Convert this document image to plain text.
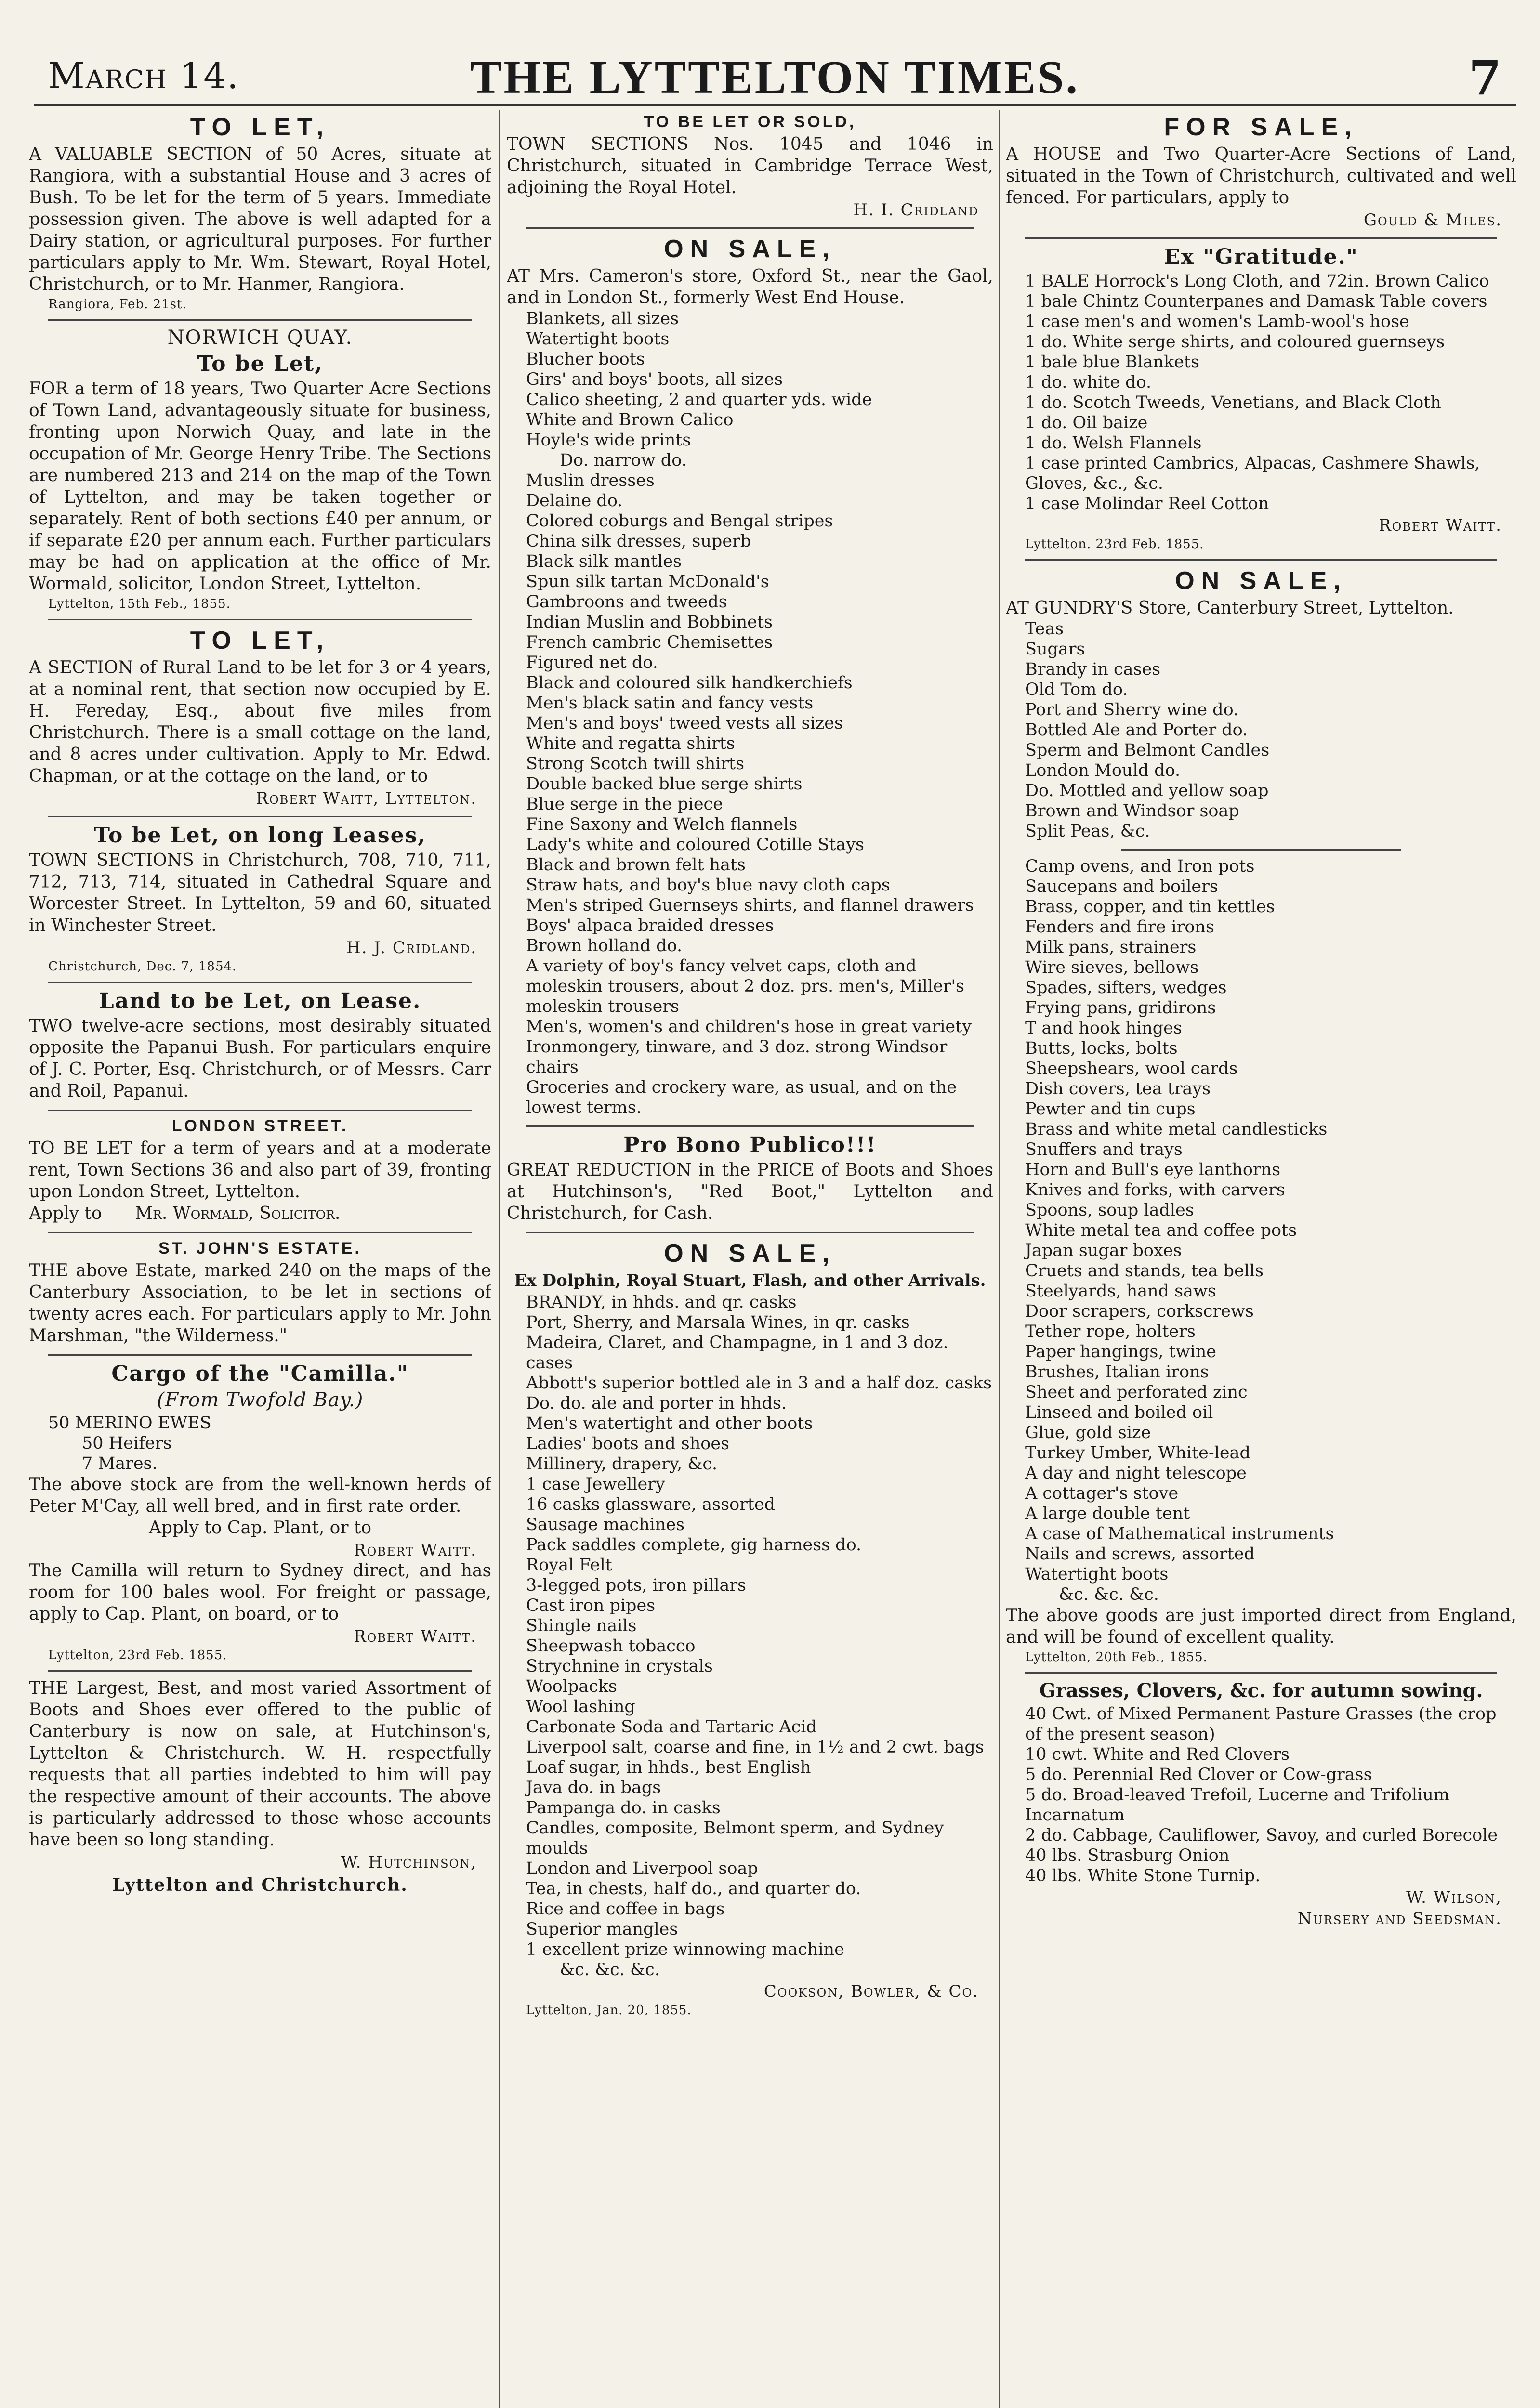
March 14.	THE LYTTELTON TIMES.	7
TO LET,

A VALUABLE SECTION of 50 Acres, situate at Rangiora, with a substantial House and 3 acres of Bush. To be let for the term of 5 years. Immediate possession given. The above is well adapted for a Dairy station, or agricultural purposes. For further particulars apply to Mr. Wm. Stewart, Royal Hotel, Christchurch, or to Mr. Hanmer, Rangiora.

Rangiora, Feb. 21st.
NORWICH QUAY.
To be Let,

FOR a term of 18 years, Two Quarter Acre Sections of Town Land, advantageously situate for business, fronting upon Norwich Quay, and late in the occupation of Mr. George Henry Tribe. The Sections are numbered 213 and 214 on the map of the Town of Lyttelton, and may be taken together or separately. Rent of both sections £40 per annum, or if separate £20 per annum each. Further particulars may be had on application at the office of Mr. Wormald, solicitor, London Street, Lyttelton.

Lyttelton, 15th Feb., 1855.
TO LET,

A SECTION of Rural Land to be let for 3 or 4 years, at a nominal rent, that section now occupied by E. H. Fereday, Esq., about five miles from Christchurch. There is a small cottage on the land, and 8 acres under cultivation. Apply to Mr. Edwd. Chapman, or at the cottage on the land, or to

Robert Waitt, Lyttelton.
To be Let, on long Leases,

TOWN SECTIONS in Christchurch, 708, 710, 711, 712, 713, 714, situated in Cathedral Square and Worcester Street. In Lyttelton, 59 and 60, situated in Winchester Street.

H. J. Cridland.
Christchurch, Dec. 7, 1854.
Land to be Let, on Lease.

TWO twelve-acre sections, most desirably situated opposite the Papanui Bush. For particulars enquire of J. C. Porter, Esq. Christchurch, or of Messrs. Carr and Roil, Papanui.

LONDON STREET.

TO BE LET for a term of years and at a moderate rent, Town Sections 36 and also part of 39, fronting upon London Street, Lyttelton.

Apply to Mr. Wormald, Solicitor.

ST. JOHN'S ESTATE.

THE above Estate, marked 240 on the maps of the Canterbury Association, to be let in sections of twenty acres each. For particulars apply to Mr. John Marshman, "the Wilderness."

Cargo of the "Camilla."
(From Twofold Bay.)
50 MERINO EWES
50 Heifers
7 Mares.

The above stock are from the well-known herds of Peter M'Cay, all well bred, and in first rate order.

Apply to Cap. Plant, or to

Robert Waitt.

The Camilla will return to Sydney direct, and has room for 100 bales wool. For freight or passage, apply to Cap. Plant, on board, or to

Robert Waitt.
Lyttelton, 23rd Feb. 1855.

THE Largest, Best, and most varied Assortment of Boots and Shoes ever offered to the public of Canterbury is now on sale, at Hutchinson's, Lyttelton & Christchurch. W. H. respectfully requests that all parties indebted to him will pay the respective amount of their accounts. The above is particularly addressed to those whose accounts have been so long standing.

W. Hutchinson,
Lyttelton and Christchurch.
TO BE LET OR SOLD,

TOWN SECTIONS Nos. 1045 and 1046 in Christchurch, situated in Cambridge Terrace West, adjoining the Royal Hotel.

H. I. Cridland
ON SALE,

AT Mrs. Cameron's store, Oxford St., near the Gaol, and in London St., formerly West End House.

Blankets, all sizes
Watertight boots
Blucher boots
Girs' and boys' boots, all sizes
Calico sheeting, 2 and quarter yds. wide
White and Brown Calico
Hoyle's wide prints
Do. narrow do.
Muslin dresses
Delaine do.
Colored coburgs and Bengal stripes
China silk dresses, superb
Black silk mantles
Spun silk tartan McDonald's
Gambroons and tweeds
Indian Muslin and Bobbinets
French cambric Chemisettes
Figured net do.
Black and coloured silk handkerchiefs
Men's black satin and fancy vests
Men's and boys' tweed vests all sizes
White and regatta shirts
Strong Scotch twill shirts
Double backed blue serge shirts
Blue serge in the piece
Fine Saxony and Welch flannels
Lady's white and coloured Cotille Stays
Black and brown felt hats
Straw hats, and boy's blue navy cloth caps
Men's striped Guernseys shirts, and flannel drawers
Boys' alpaca braided dresses
Brown holland do.
A variety of boy's fancy velvet caps, cloth and moleskin trousers, about 2 doz. prs. men's, Miller's moleskin trousers
Men's, women's and children's hose in great variety
Ironmongery, tinware, and 3 doz. strong Windsor chairs
Groceries and crockery ware, as usual, and on the lowest terms.
Pro Bono Publico!!!

GREAT REDUCTION in the PRICE of Boots and Shoes at Hutchinson's, "Red Boot," Lyttelton and Christchurch, for Cash.

ON SALE,
Ex Dolphin, Royal Stuart, Flash, and other Arrivals.
BRANDY, in hhds. and qr. casks
Port, Sherry, and Marsala Wines, in qr. casks
Madeira, Claret, and Champagne, in 1 and 3 doz. cases
Abbott's superior bottled ale in 3 and a half doz. casks
Do. do. ale and porter in hhds.
Men's watertight and other boots
Ladies' boots and shoes
Millinery, drapery, &c.
1 case Jewellery
16 casks glassware, assorted
Sausage machines
Pack saddles complete, gig harness do.
Royal Felt
3-legged pots, iron pillars
Cast iron pipes
Shingle nails
Sheepwash tobacco
Strychnine in crystals
Woolpacks
Wool lashing
Carbonate Soda and Tartaric Acid
Liverpool salt, coarse and fine, in 1½ and 2 cwt. bags
Loaf sugar, in hhds., best English
Java do. in bags
Pampanga do. in casks
Candles, composite, Belmont sperm, and Sydney moulds
London and Liverpool soap
Tea, in chests, half do., and quarter do.
Rice and coffee in bags
Superior mangles
1 excellent prize winnowing machine
&c. &c. &c.
Cookson, Bowler, & Co.
Lyttelton, Jan. 20, 1855.
FOR SALE,

A HOUSE and Two Quarter-Acre Sections of Land, situated in the Town of Christchurch, cultivated and well fenced. For particulars, apply to

Gould & Miles.
Ex "Gratitude."
1 BALE Horrock's Long Cloth, and 72in. Brown Calico
1 bale Chintz Counterpanes and Damask Table covers
1 case men's and women's Lamb-wool's hose
1 do. White serge shirts, and coloured guernseys
1 bale blue Blankets
1 do. white do.
1 do. Scotch Tweeds, Venetians, and Black Cloth
1 do. Oil baize
1 do. Welsh Flannels
1 case printed Cambrics, Alpacas, Cashmere Shawls, Gloves, &c., &c.
1 case Molindar Reel Cotton
Robert Waitt.
Lyttelton. 23rd Feb. 1855.
ON SALE,

AT GUNDRY'S Store, Canterbury Street, Lyttelton.

Teas
Sugars
Brandy in cases
Old Tom do.
Port and Sherry wine do.
Bottled Ale and Porter do.
Sperm and Belmont Candles
London Mould do.
Do. Mottled and yellow soap
Brown and Windsor soap
Split Peas, &c.
Camp ovens, and Iron pots
Saucepans and boilers
Brass, copper, and tin kettles
Fenders and fire irons
Milk pans, strainers
Wire sieves, bellows
Spades, sifters, wedges
Frying pans, gridirons
T and hook hinges
Butts, locks, bolts
Sheepshears, wool cards
Dish covers, tea trays
Pewter and tin cups
Brass and white metal candlesticks
Snuffers and trays
Horn and Bull's eye lanthorns
Knives and forks, with carvers
Spoons, soup ladles
White metal tea and coffee pots
Japan sugar boxes
Cruets and stands, tea bells
Steelyards, hand saws
Door scrapers, corkscrews
Tether rope, holters
Paper hangings, twine
Brushes, Italian irons
Sheet and perforated zinc
Linseed and boiled oil
Glue, gold size
Turkey Umber, White-lead
A day and night telescope
A cottager's stove
A large double tent
A case of Mathematical instruments
Nails and screws, assorted
Watertight boots
&c. &c. &c.

The above goods are just imported direct from England, and will be found of excellent quality.

Lyttelton, 20th Feb., 1855.
Grasses, Clovers, &c. for autumn sowing.
40 Cwt. of Mixed Permanent Pasture Grasses (the crop of the present season)
10 cwt. White and Red Clovers
5 do. Perennial Red Clover or Cow-grass
5 do. Broad-leaved Trefoil, Lucerne and Trifolium Incarnatum
2 do. Cabbage, Cauliflower, Savoy, and curled Borecole
40 lbs. Strasburg Onion
40 lbs. White Stone Turnip.
W. Wilson,
Nursery and Seedsman.
